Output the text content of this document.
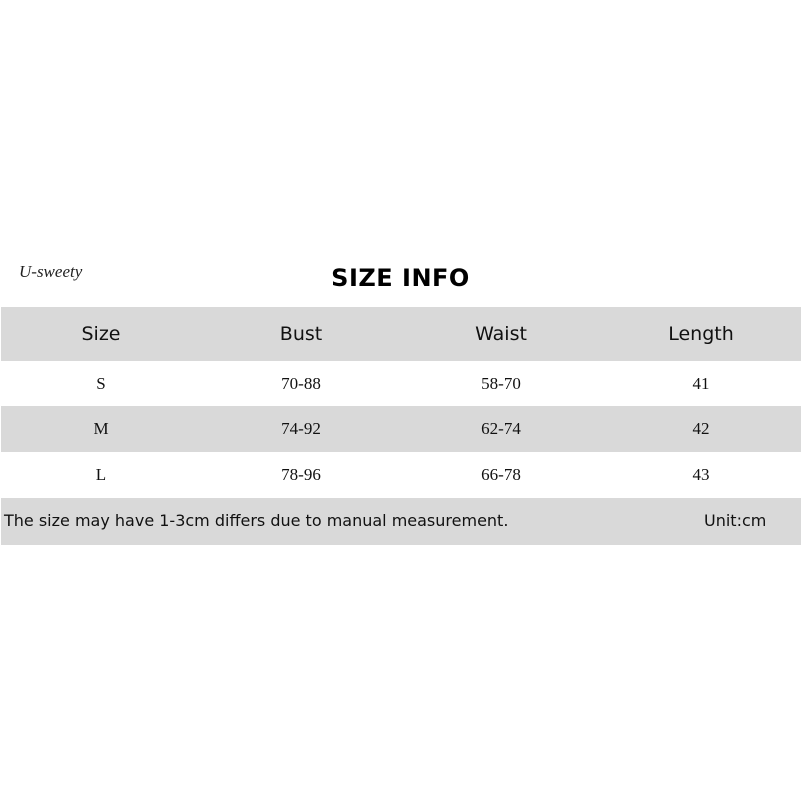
U-sweety	SIZE INFO
Size	Bust	Waist	Length
S	70-88	58-70	41
M	74-92	62-74	42
L	78-96	66-78	43
The size may have 1-3cm differs due to manual measurement.	Unit:cm
